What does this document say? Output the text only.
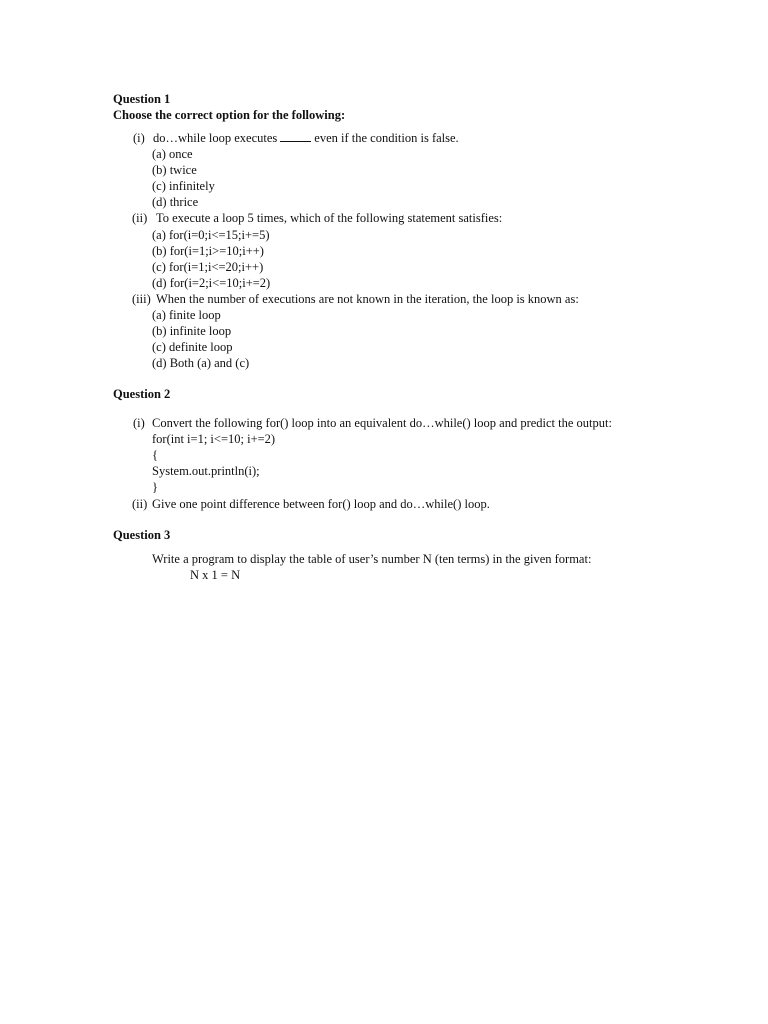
Question 1
Choose the correct option for the following:
(i) do…while loop executes	even if the condition is false.
(a) once
(b) twice
(c) infinitely
(d) thrice
(ii) To execute a loop 5 times, which of the following statement satisfies:
(a) for(i=0;i<=15;i+=5)
(b) for(i=1;i>=10;i++)
(c) for(i=1;i<=20;i++)
(d) for(i=2;i<=10;i+=2)
(iii) When the number of executions are not known in the iteration, the loop is known as:
(a) finite loop
(b) infinite loop
(c) definite loop
(d) Both (a) and (c)
Question 2
(i) Convert the following for() loop into an equivalent do…while() loop and predict the output:
for(int i=1; i<=10; i+=2)
{
System.out.println(i);
}
(ii) Give one point difference between for() loop and do…while() loop.
Question 3
Write a program to display the table of user’s number N (ten terms) in the given format:
N x 1 = N
